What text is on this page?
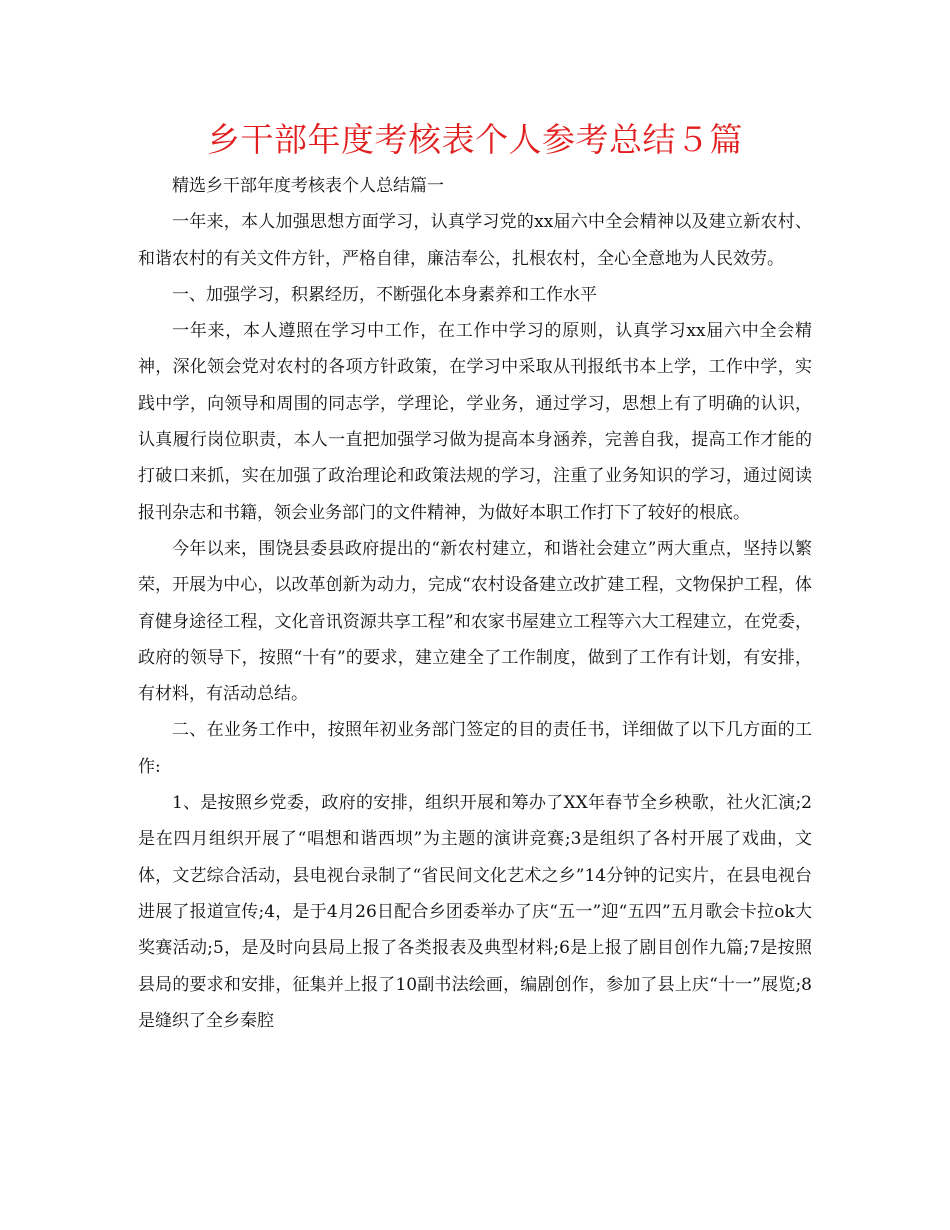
乡干部年度考核表个人参考总结５篇

精选乡干部年度考核表个人总结篇一

一年来，本人加强思想方面学习，认真学习党的xx届六中全会精神以及建立新农村、和谐农村的有关文件方针，严格自律，廉洁奉公，扎根农村，全心全意地为人民效劳。

一、加强学习，积累经历，不断强化本身素养和工作水平

一年来，本人遵照在学习中工作，在工作中学习的原则，认真学习xx届六中全会精神，深化领会党对农村的各项方针政策，在学习中采取从刊报纸书本上学，工作中学，实践中学，向领导和周围的同志学，学理论，学业务，通过学习，思想上有了明确的认识，认真履行岗位职责，本人一直把加强学习做为提高本身涵养，完善自我，提高工作才能的打破口来抓，实在加强了政治理论和政策法规的学习，注重了业务知识的学习，通过阅读报刊杂志和书籍，领会业务部门的文件精神，为做好本职工作打下了较好的根底。

今年以来，围饶县委县政府提出的“新农村建立，和谐社会建立”两大重点，坚持以繁荣，开展为中心，以改革创新为动力，完成“农村设备建立改扩建工程，文物保护工程，体育健身途径工程，文化音讯资源共享工程”和农家书屋建立工程等六大工程建立，在党委，政府的领导下，按照“十有”的要求，建立建全了工作制度，做到了工作有计划，有安排，有材料，有活动总结。

二、在业务工作中，按照年初业务部门签定的目的责任书，详细做了以下几方面的工作:

1、是按照乡党委，政府的安排，组织开展和筹办了XX年春节全乡秧歌，社火汇演;2是在四月组织开展了“唱想和谐西坝”为主题的演讲竞赛;3是组织了各村开展了戏曲，文体，文艺综合活动，县电视台录制了“省民间文化艺术之乡”14分钟的记实片，在县电视台进展了报道宣传;4，是于4月26日配合乡团委举办了庆“五一”迎“五四”五月歌会卡拉ok大奖赛活动;5，是及时向县局上报了各类报表及典型材料;6是上报了剧目创作九篇;7是按照县局的要求和安排，征集并上报了10副书法绘画，编剧创作，参加了县上庆“十一”展览;8是缝织了全乡秦腔
